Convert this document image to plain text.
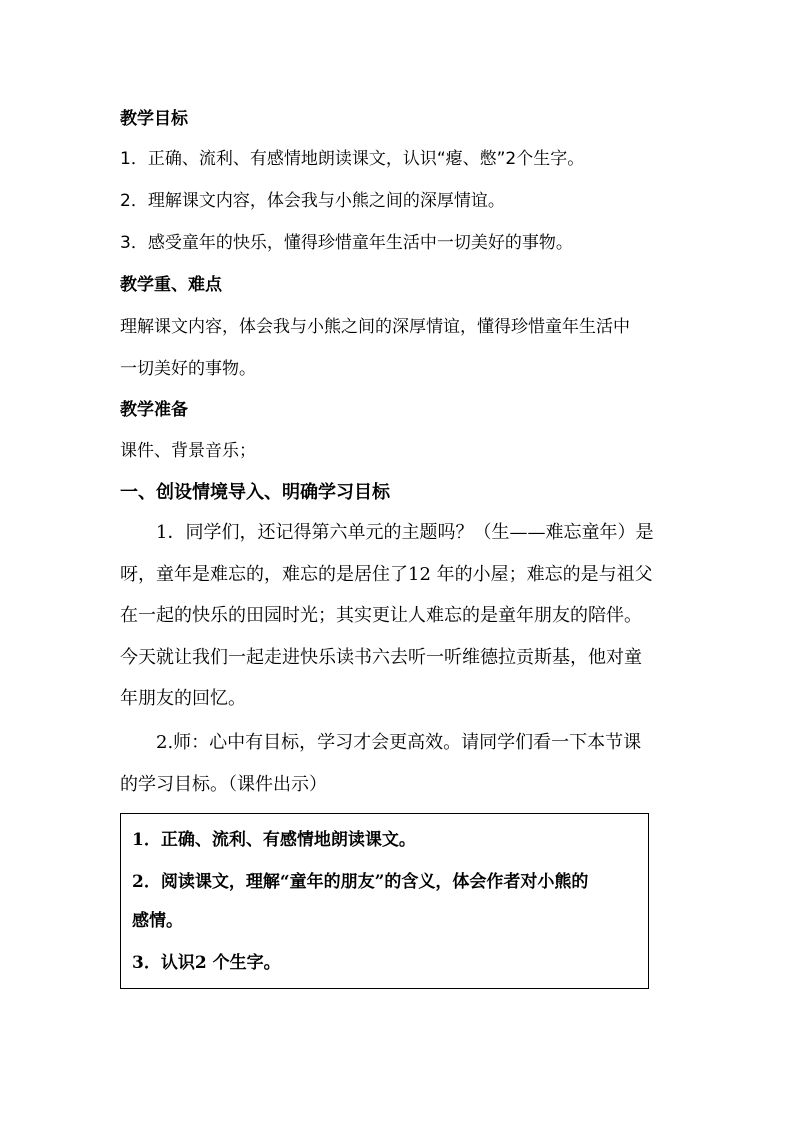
教学目标
1．正确、流利、有感情地朗读课文，认识“瘪、憋”2个生字。
2．理解课文内容，体会我与小熊之间的深厚情谊。
3．感受童年的快乐，懂得珍惜童年生活中一切美好的事物。
教学重、难点
理解课文内容，体会我与小熊之间的深厚情谊，懂得珍惜童年生活中
一切美好的事物。
教学准备
课件、背景音乐；
一、创设情境导入、明确学习目标
1．同学们，还记得第六单元的主题吗？（生——难忘童年）是
呀，童年是难忘的，难忘的是居住了12 年的小屋；难忘的是与祖父
在一起的快乐的田园时光；其实更让人难忘的是童年朋友的陪伴。
今天就让我们一起走进快乐读书六去听一听维德拉贡斯基，他对童
年朋友的回忆。
2.师：心中有目标，学习才会更高效。请同学们看一下本节课
的学习目标。（课件出示）
1．正确、流利、有感情地朗读课文。
2．阅读课文，理解“童年的朋友”的含义，体会作者对小熊的
感情。
3．认识2 个生字。
